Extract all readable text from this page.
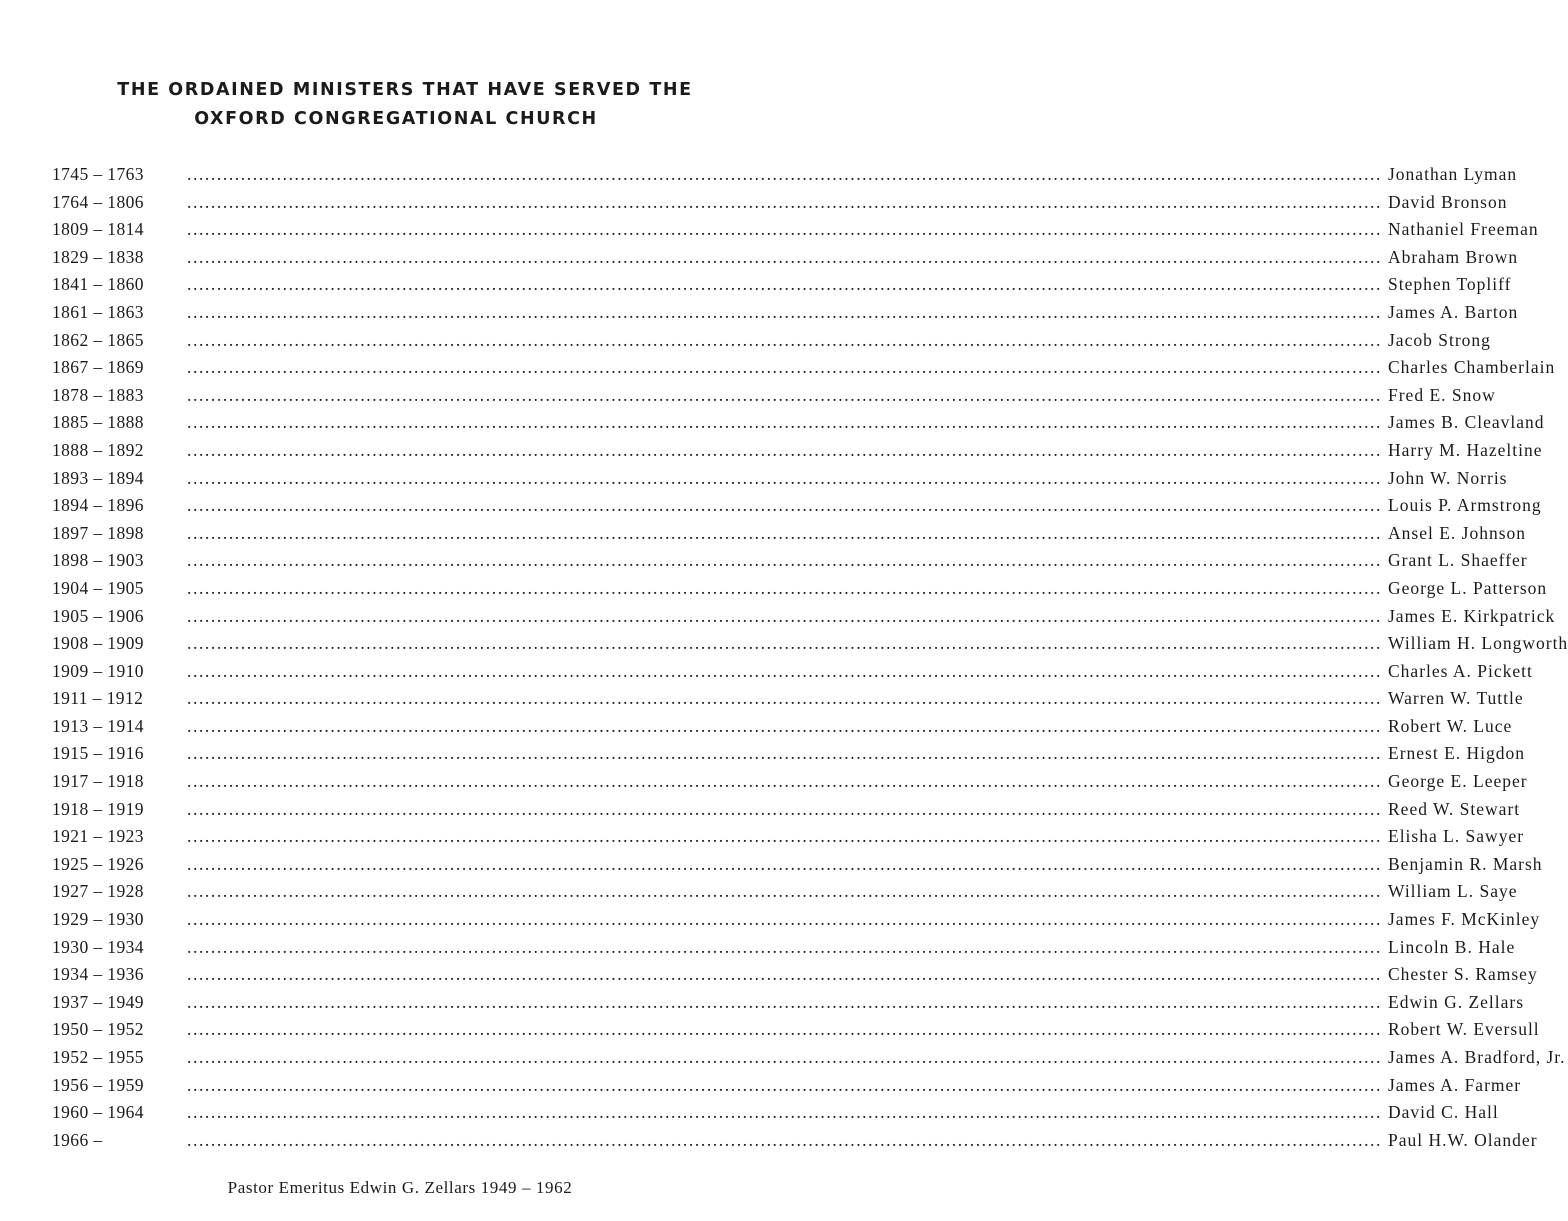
THE ORDAINED MINISTERS THAT HAVE SERVED THE
OXFORD CONGREGATIONAL CHURCH
1745 – 1763	........................................................................................................................................................................................................ Jonathan Lyman
1764 – 1806	........................................................................................................................................................................................................ David Bronson
1809 – 1814	........................................................................................................................................................................................................ Nathaniel Freeman
1829 – 1838	........................................................................................................................................................................................................ Abraham Brown
1841 – 1860	........................................................................................................................................................................................................ Stephen Topliff
1861 – 1863	........................................................................................................................................................................................................ James A. Barton
1862 – 1865	........................................................................................................................................................................................................ Jacob Strong
1867 – 1869	........................................................................................................................................................................................................ Charles Chamberlain
1878 – 1883	........................................................................................................................................................................................................ Fred E. Snow
1885 – 1888	........................................................................................................................................................................................................ James B. Cleavland
1888 – 1892	........................................................................................................................................................................................................ Harry M. Hazeltine
1893 – 1894	........................................................................................................................................................................................................ John W. Norris
1894 – 1896	........................................................................................................................................................................................................ Louis P. Armstrong
1897 – 1898	........................................................................................................................................................................................................ Ansel E. Johnson
1898 – 1903	........................................................................................................................................................................................................ Grant L. Shaeffer
1904 – 1905	........................................................................................................................................................................................................ George L. Patterson
1905 – 1906	........................................................................................................................................................................................................ James E. Kirkpatrick
1908 – 1909	........................................................................................................................................................................................................ William H. Longworth
1909 – 1910	........................................................................................................................................................................................................ Charles A. Pickett
1911 – 1912	........................................................................................................................................................................................................ Warren W. Tuttle
1913 – 1914	........................................................................................................................................................................................................ Robert W. Luce
1915 – 1916	........................................................................................................................................................................................................ Ernest E. Higdon
1917 – 1918	........................................................................................................................................................................................................ George E. Leeper
1918 – 1919	........................................................................................................................................................................................................ Reed W. Stewart
1921 – 1923	........................................................................................................................................................................................................ Elisha L. Sawyer
1925 – 1926	........................................................................................................................................................................................................ Benjamin R. Marsh
1927 – 1928	........................................................................................................................................................................................................ William L. Saye
1929 – 1930	........................................................................................................................................................................................................ James F. McKinley
1930 – 1934	........................................................................................................................................................................................................ Lincoln B. Hale
1934 – 1936	........................................................................................................................................................................................................ Chester S. Ramsey
1937 – 1949	........................................................................................................................................................................................................ Edwin G. Zellars
1950 – 1952	........................................................................................................................................................................................................ Robert W. Eversull
1952 – 1955	........................................................................................................................................................................................................ James A. Bradford, Jr.
1956 – 1959	........................................................................................................................................................................................................ James A. Farmer
1960 – 1964	........................................................................................................................................................................................................ David C. Hall
1966 –	........................................................................................................................................................................................................ Paul H.W. Olander
Pastor Emeritus Edwin G. Zellars 1949 – 1962
